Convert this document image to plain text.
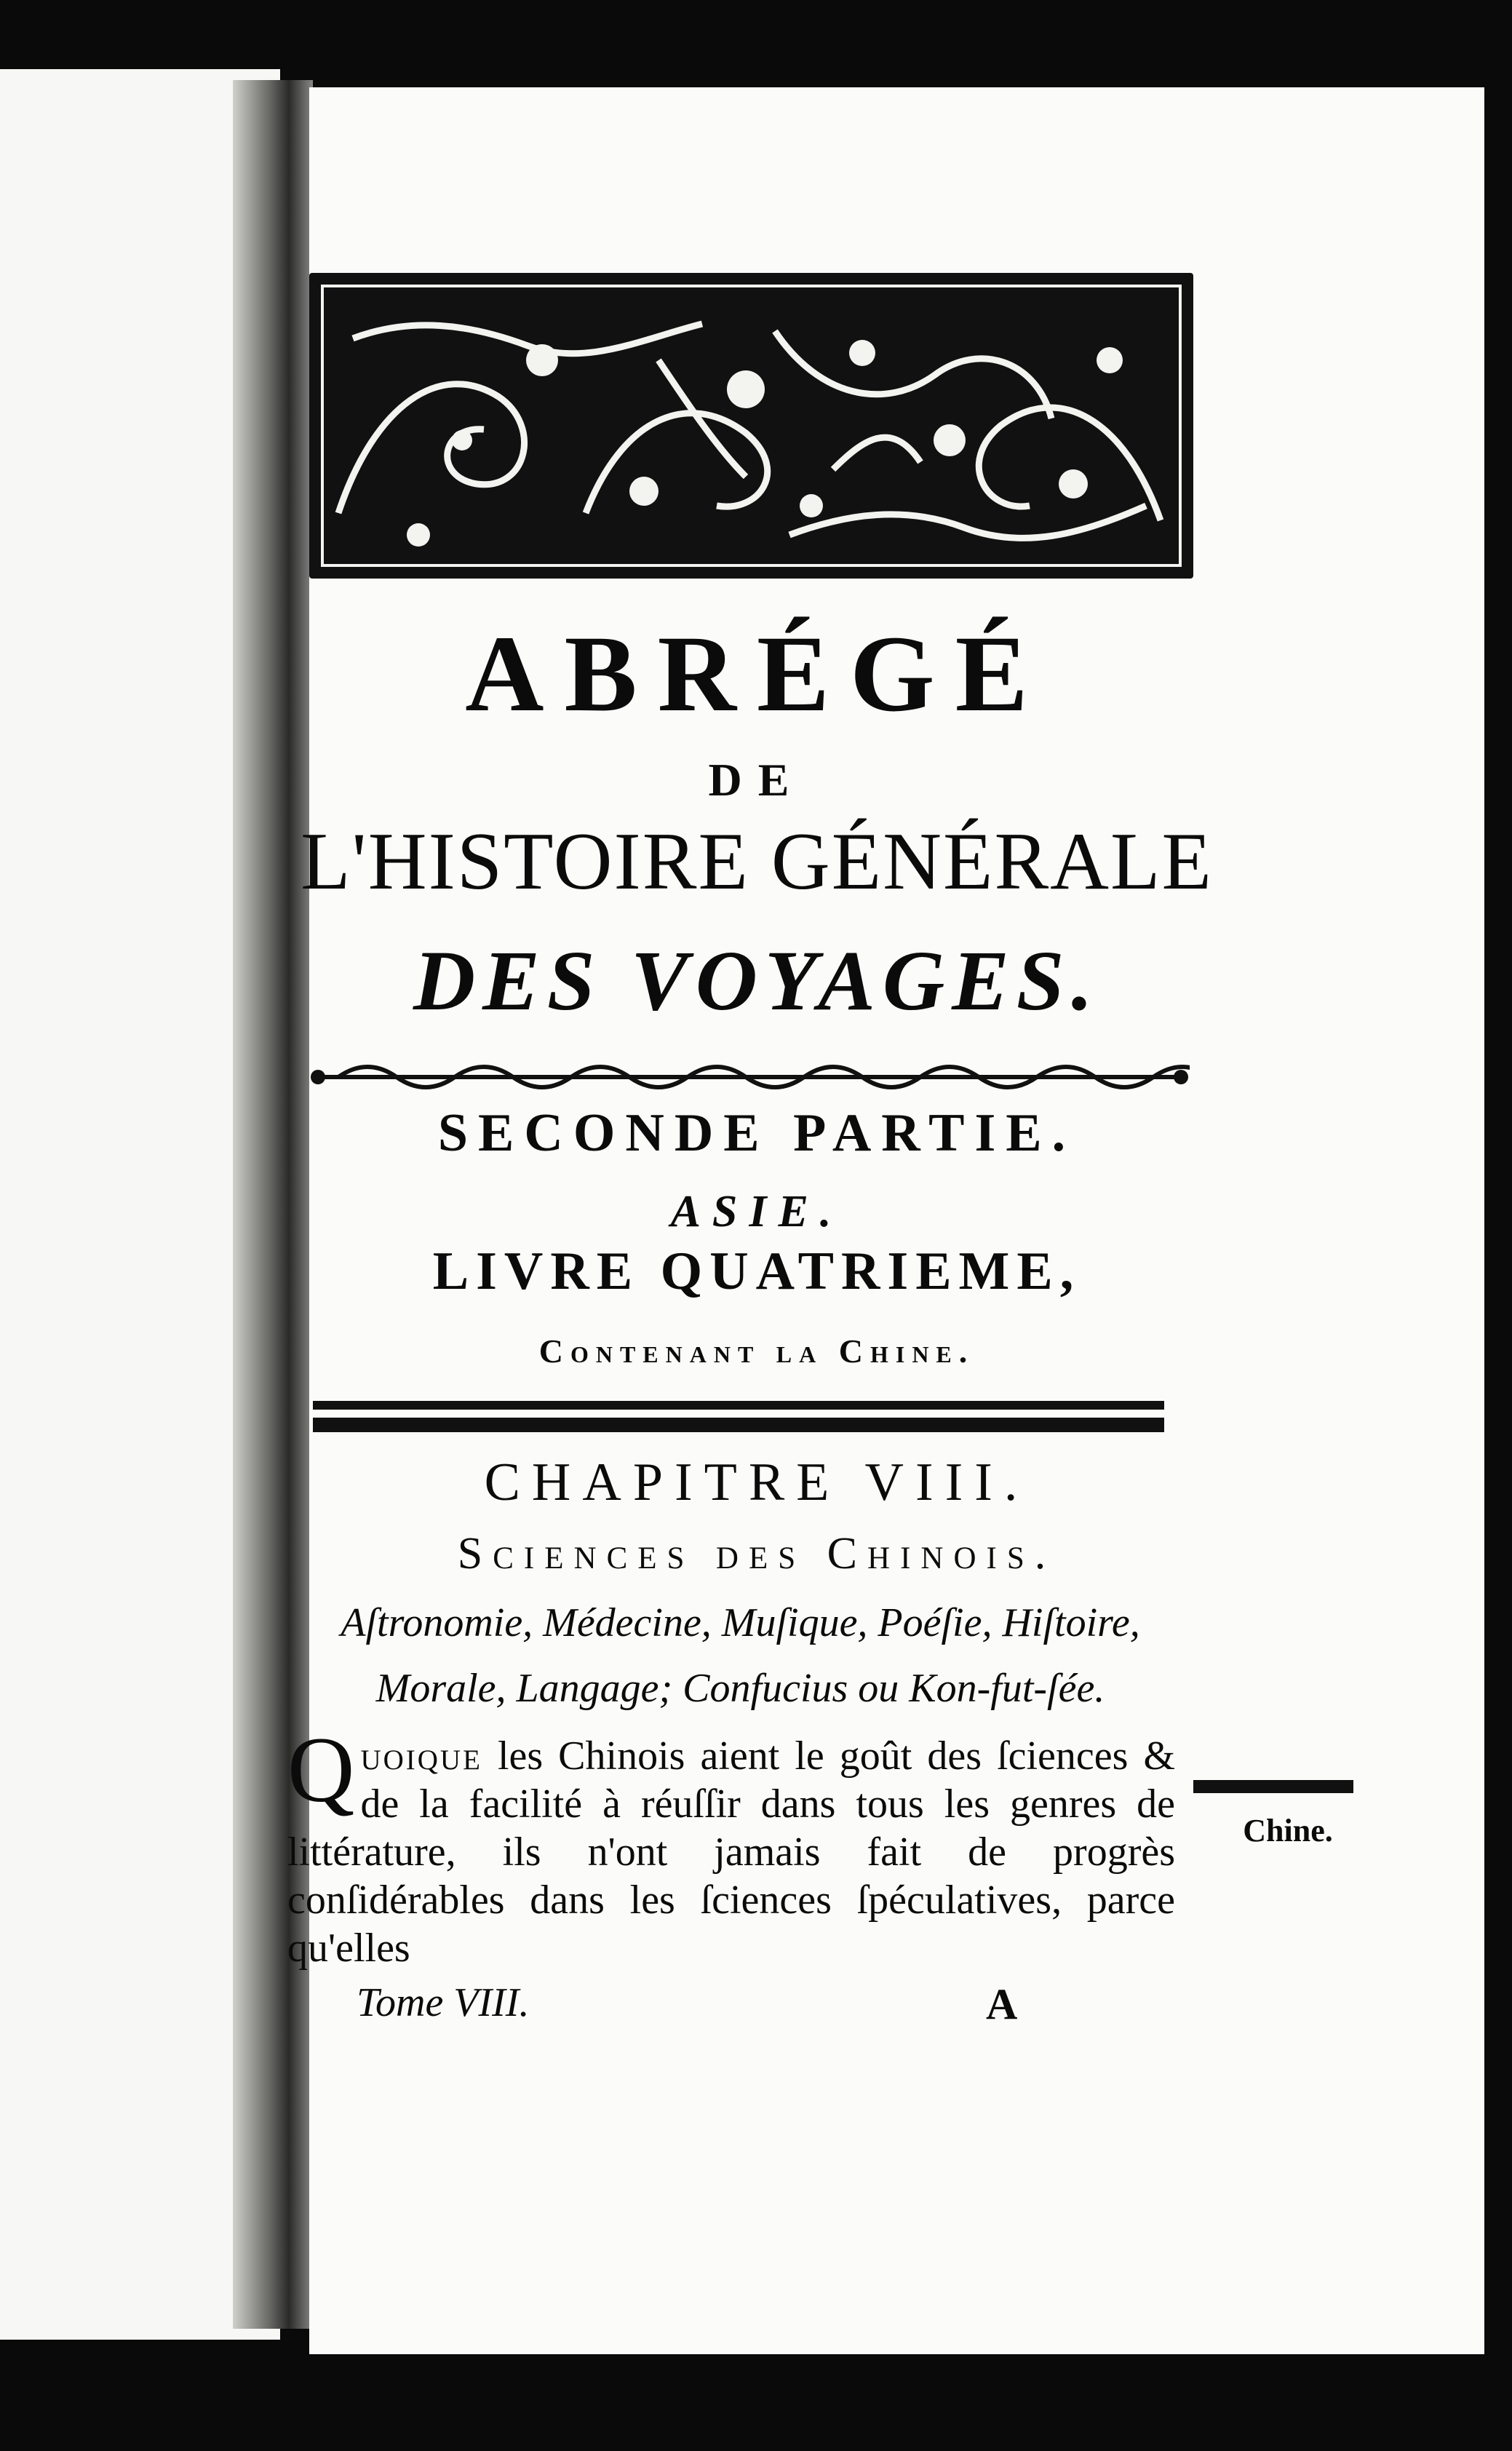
ABRÉGÉ
DE
L'HISTOIRE GÉNÉRALE
DES VOYAGES.
SECONDE PARTIE.
ASIE.
LIVRE QUATRIEME,
Contenant la Chine.
CHAPITRE VIII.
Sciences des Chinois.
Aſtronomie, Médecine, Muſique, Poéſie, Hiſtoire,
Morale, Langage; Confucius ou Kon-fut-ſée.
Quoique les Chinois aient le goût des ſciences & de la facilité à réuſſir dans tous les genres de littérature, ils n'ont jamais fait de progrès conſidérables dans les ſciences ſpéculatives, parce qu'elles
Chine.
Tome VIII.	A
